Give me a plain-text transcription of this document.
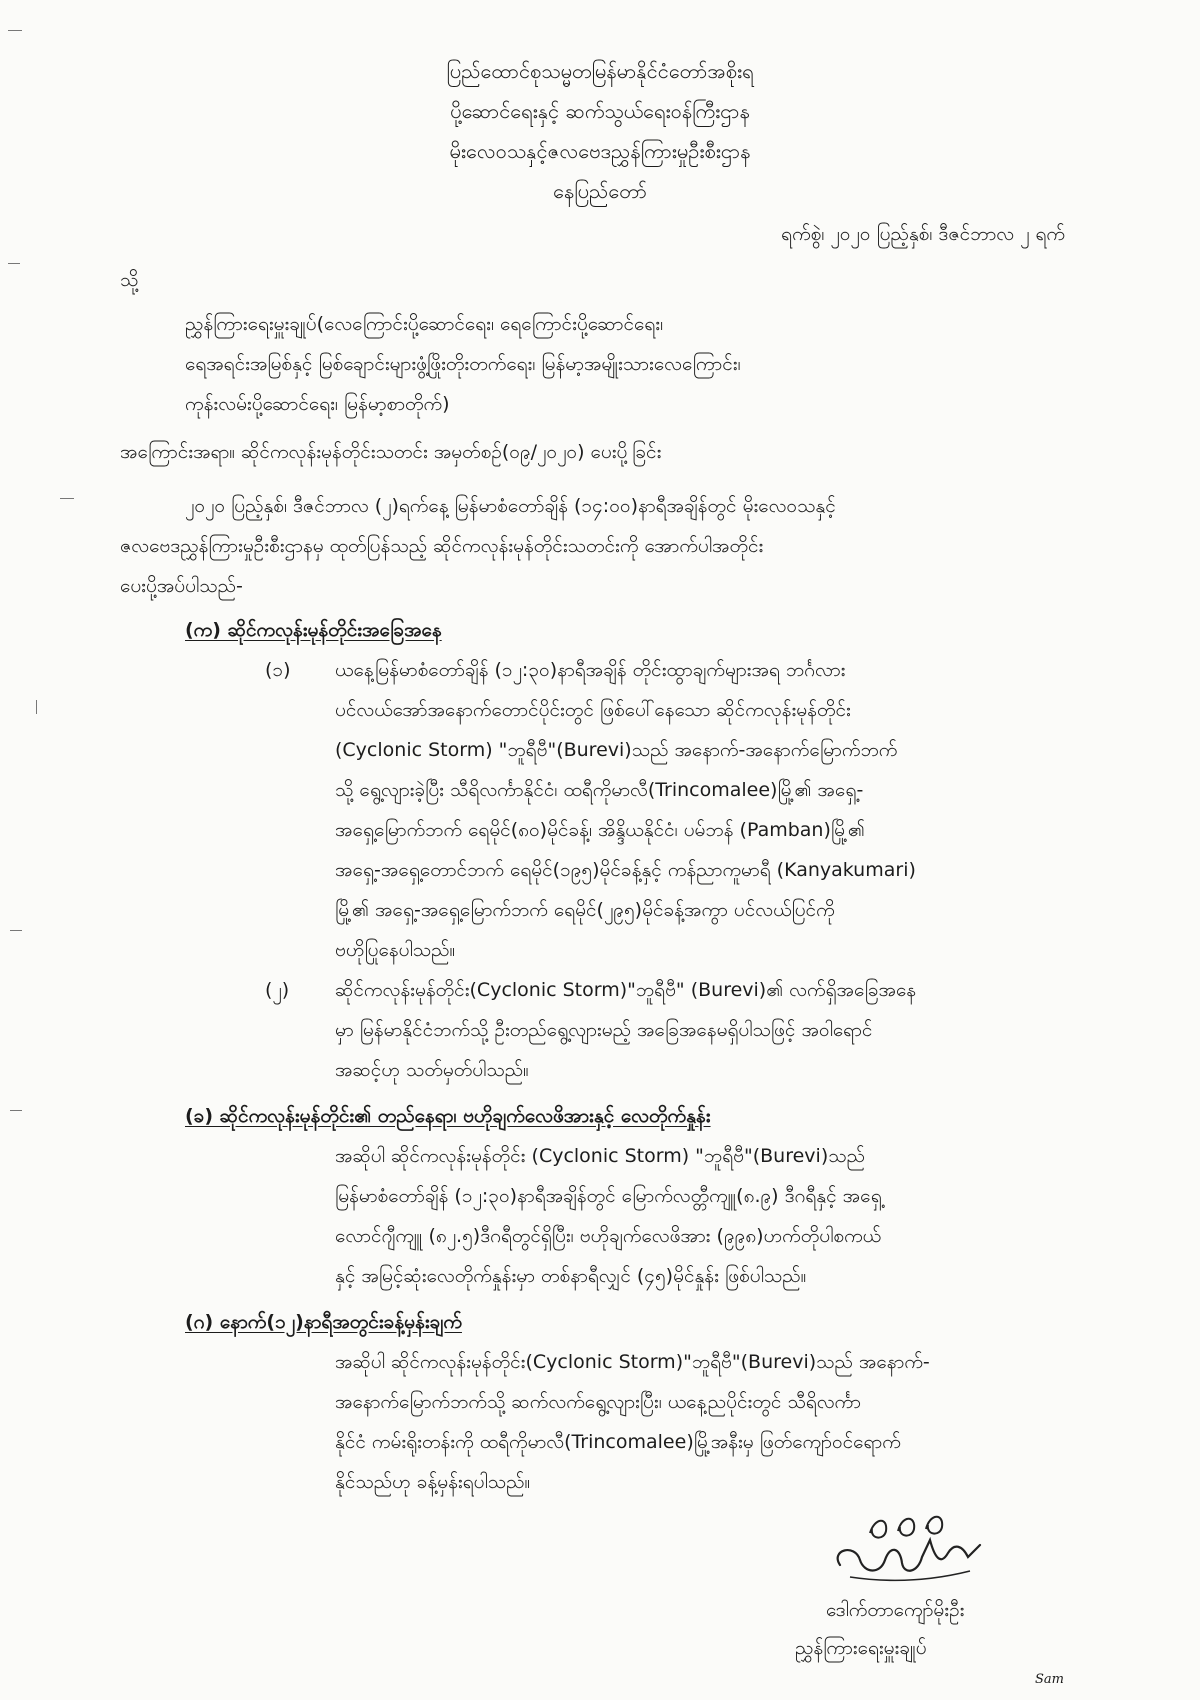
ပြည်ထောင်စုသမ္မတမြန်မာနိုင်ငံတော်အစိုးရ
ပို့ဆောင်ရေးနှင့် ဆက်သွယ်ရေးဝန်ကြီးဌာန
မိုးလေဝသနှင့်ဇလဗေဒညွှန်ကြားမှုဦးစီးဌာန
နေပြည်တော်
ရက်စွဲ၊ ၂၀၂၀ ပြည့်နှစ်၊ ဒီဇင်ဘာလ ၂ ရက်
သို့
ညွှန်ကြားရေးမှူးချုပ်(လေကြောင်းပို့ဆောင်ရေး၊ ရေကြောင်းပို့ဆောင်ရေး၊
ရေအရင်းအမြစ်နှင့် မြစ်ချောင်းများဖွံ့ဖြိုးတိုးတက်ရေး၊ မြန်မာ့အမျိုးသားလေကြောင်း၊
ကုန်းလမ်းပို့ဆောင်ရေး၊ မြန်မာ့စာတိုက်)
အကြောင်းအရာ။ ဆိုင်ကလုန်းမုန်တိုင်းသတင်း အမှတ်စဉ်(၀၉/၂၀၂၀) ပေးပို့ခြင်း
၂၀၂၀ ပြည့်နှစ်၊ ဒီဇင်ဘာလ (၂)ရက်နေ့ မြန်မာစံတော်ချိန် (၁၄:၀၀)နာရီအချိန်တွင် မိုးလေဝသနှင့်
ဇလဗေဒညွှန်ကြားမှုဦးစီးဌာနမှ ထုတ်ပြန်သည့် ဆိုင်ကလုန်းမုန်တိုင်းသတင်းကို အောက်ပါအတိုင်း
ပေးပို့အပ်ပါသည်-
(က) ဆိုင်ကလုန်းမုန်တိုင်းအခြေအနေ
(၁) ယနေ့မြန်မာစံတော်ချိန် (၁၂:၃၀)နာရီအချိန် တိုင်းထွာချက်များအရ ဘင်္ဂလား
ပင်လယ်အော်အနောက်တောင်ပိုင်းတွင် ဖြစ်ပေါ်နေသော ဆိုင်ကလုန်းမုန်တိုင်း
(Cyclonic Storm) "ဘူရီဗီ"(Burevi)သည် အနောက်-အနောက်မြောက်ဘက်
သို့ ရွေ့လျားခဲ့ပြီး သီရိလင်္ကာနိုင်ငံ၊ ထရီကိုမာလီ(Trincomalee)မြို့၏ အရှေ့-
အရှေ့မြောက်ဘက် ရေမိုင်(၈၀)မိုင်ခန့်၊ အိန္ဒိယနိုင်ငံ၊ ပမ်ဘန် (Pamban)မြို့၏
အရှေ့-အရှေ့တောင်ဘက် ရေမိုင်(၁၉၅)မိုင်ခန့်နှင့် ကန်ညာကူမာရီ (Kanyakumari)
မြို့၏ အရှေ့-အရှေ့မြောက်ဘက် ရေမိုင်(၂၉၅)မိုင်ခန့်အကွာ ပင်လယ်ပြင်ကို
ဗဟိုပြုနေပါသည်။
(၂) ဆိုင်ကလုန်းမုန်တိုင်း(Cyclonic Storm)"ဘူရီဗီ" (Burevi)၏ လက်ရှိအခြေအနေ
မှာ မြန်မာနိုင်ငံဘက်သို့ ဦးတည်ရွေ့လျားမည့် အခြေအနေမရှိပါသဖြင့် အဝါရောင်
အဆင့်ဟု သတ်မှတ်ပါသည်။
(ခ) ဆိုင်ကလုန်းမုန်တိုင်း၏ တည်နေရာ၊ ဗဟိုချက်လေဖိအားနှင့် လေတိုက်နှုန်း
အဆိုပါ ဆိုင်ကလုန်းမုန်တိုင်း (Cyclonic Storm) "ဘူရီဗီ"(Burevi)သည်
မြန်မာစံတော်ချိန် (၁၂:၃၀)နာရီအချိန်တွင် မြောက်လတ္တီကျူ(၈.၉) ဒီဂရီနှင့် အရှေ့
လောင်ဂျီကျူ (၈၂.၅)ဒီဂရီတွင်ရှိပြီး၊ ဗဟိုချက်လေဖိအား (၉၉၈)ဟက်တိုပါစကယ်
နှင့် အမြင့်ဆုံးလေတိုက်နှုန်းမှာ တစ်နာရီလျှင် (၄၅)မိုင်နှုန်း ဖြစ်ပါသည်။
(ဂ) နောက်(၁၂)နာရီအတွင်းခန့်မှန်းချက်
အဆိုပါ ဆိုင်ကလုန်းမုန်တိုင်း(Cyclonic Storm)"ဘူရီဗီ"(Burevi)သည် အနောက်-
အနောက်မြောက်ဘက်သို့ ဆက်လက်ရွေ့လျားပြီး၊ ယနေ့ညပိုင်းတွင် သီရိလင်္ကာ
နိုင်ငံ ကမ်းရိုးတန်းကို ထရီကိုမာလီ(Trincomalee)မြို့အနီးမှ ဖြတ်ကျော်ဝင်ရောက်
နိုင်သည်ဟု ခန့်မှန်းရပါသည်။
ဒေါက်တာကျော်မိုးဦး
ညွှန်ကြားရေးမှူးချုပ်
Sam
